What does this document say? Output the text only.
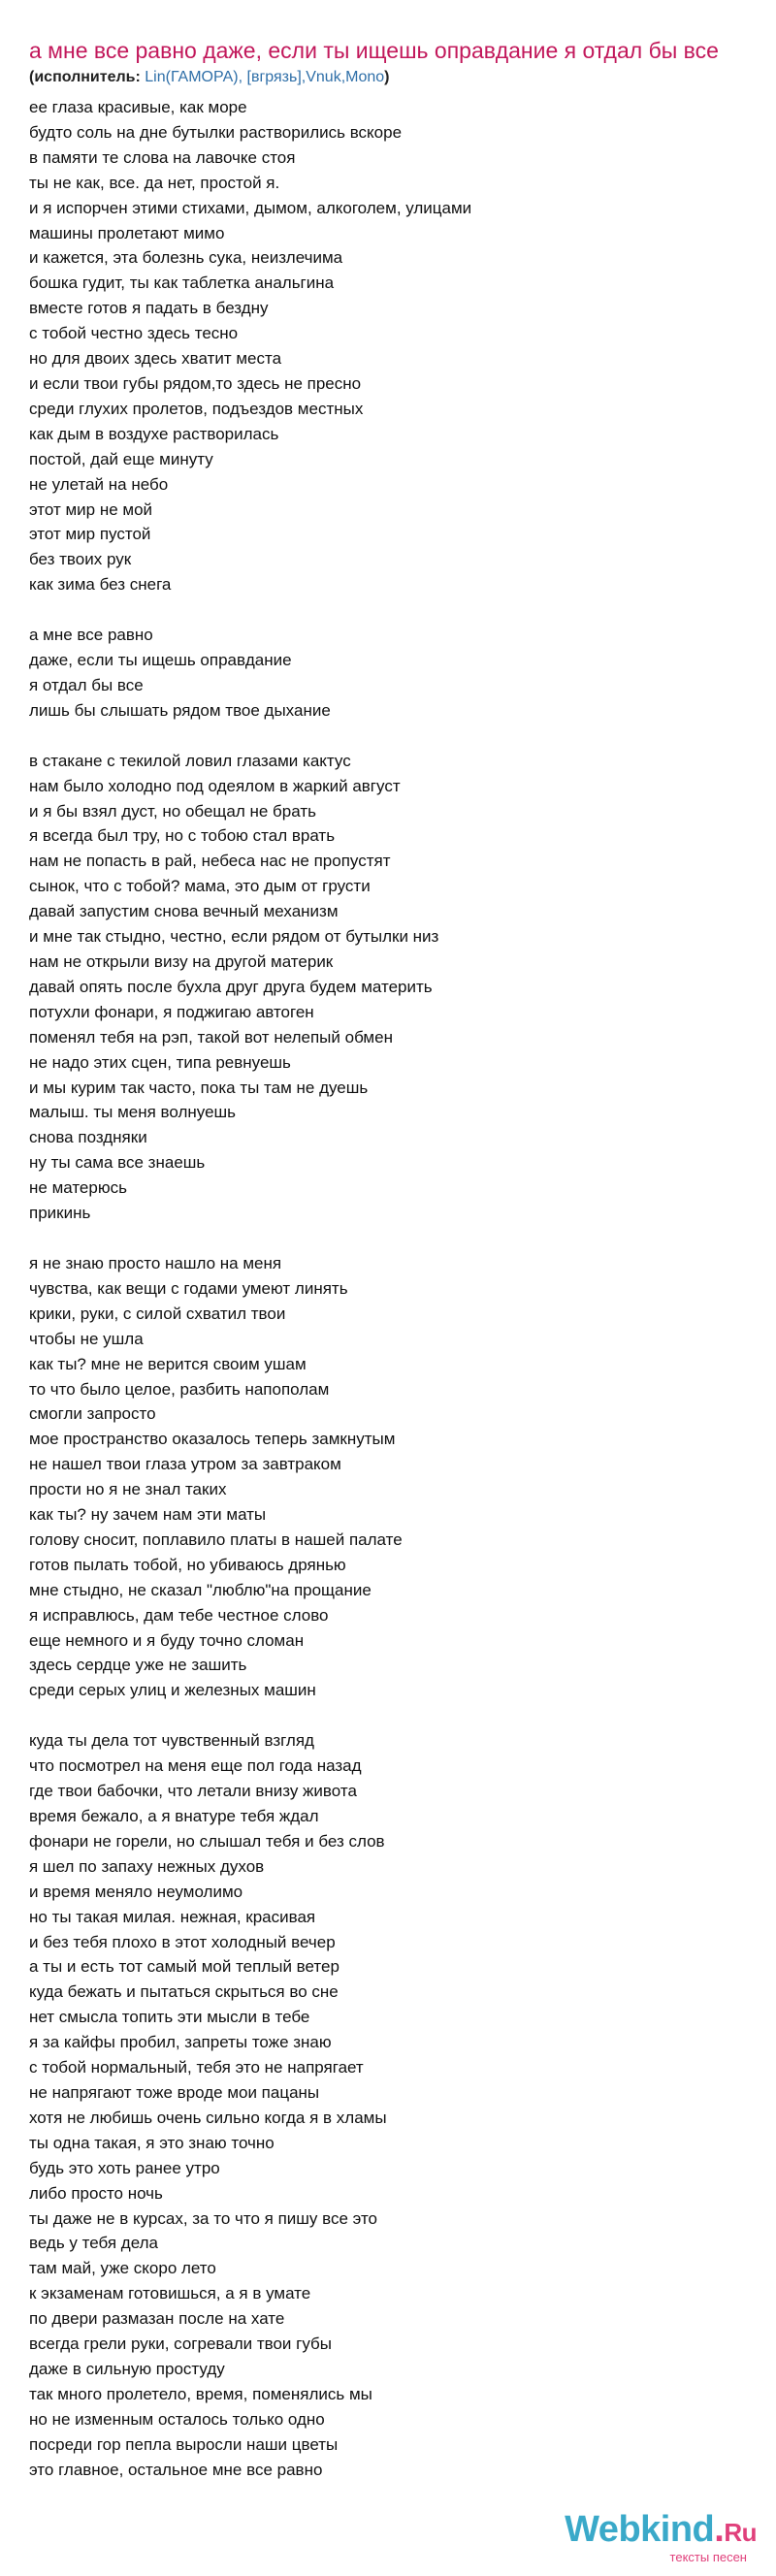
а мне все равно даже, если ты ищешь оправдание я отдал бы все
(исполнитель: Lin(ГАМОРА), [вгрязь],Vnuk,Mono)
ее глаза красивые, как море
будто соль на дне бутылки растворились вскоре
в памяти те слова на лавочке стоя
ты не как, все. да нет, простой я.
и я испорчен этими стихами, дымом, алкоголем, улицами
машины пролетают мимо
и кажется, эта болезнь сука, неизлечима
бошка гудит, ты как таблетка анальгина
вместе готов я падать в бездну
с тобой честно здесь тесно
но для двоих здесь хватит места
и если твои губы рядом,то здесь не пресно
среди глухих пролетов, подъездов местных
как дым в воздухе растворилась
постой, дай еще минуту
не улетай на небо
этот мир не мой
этот мир пустой
без твоих рук
как зима без снега
а мне все равно
даже, если ты ищешь оправдание
я отдал бы все
лишь бы слышать рядом твое дыхание
в стакане с текилой ловил глазами кактус
нам было холодно под одеялом в жаркий август
и я бы взял дуст, но обещал не брать
я всегда был тру, но с тобою стал врать
нам не попасть в рай, небеса нас не пропустят
сынок, что с тобой? мама, это дым от грусти
давай запустим снова вечный механизм
и мне так стыдно, честно, если рядом от бутылки низ
нам не открыли визу на другой материк
давай опять после бухла друг друга будем материть
потухли фонари, я поджигаю автоген
поменял тебя на рэп, такой вот нелепый обмен
не надо этих сцен, типа ревнуешь
и мы курим так часто, пока ты там не дуешь
малыш. ты меня волнуешь
снова поздняки
ну ты сама все знаешь
не матерюсь
прикинь
я не знаю просто нашло на меня
чувства, как вещи с годами умеют линять
крики, руки, с силой схватил твои
чтобы не ушла
как ты? мне не верится своим ушам
то что было целое, разбить напополам
смогли запросто
мое пространство оказалось теперь замкнутым
не нашел твои глаза утром за завтраком
прости но я не знал таких
как ты? ну зачем нам эти маты
голову сносит, поплавило платы в нашей палате
готов пылать тобой, но убиваюсь дрянью
мне стыдно, не сказал "люблю"на прощание
я исправлюсь, дам тебе честное слово
еще немного и я буду точно сломан
здесь сердце уже не зашить
среди серых улиц и железных машин
куда ты дела тот чувственный взгляд
что посмотрел на меня еще пол года назад
где твои бабочки, что летали внизу живота
время бежало, а я внатуре тебя ждал
фонари не горели, но слышал тебя и без слов
я шел по запаху нежных духов
и время меняло неумолимо
но ты такая милая. нежная, красивая
и без тебя плохо в этот холодный вечер
а ты и есть тот самый мой теплый ветер
куда бежать и пытаться скрыться во сне
нет смысла топить эти мысли в тебе
я за кайфы пробил, запреты тоже знаю
с тобой нормальный, тебя это не напрягает
не напрягают тоже вроде мои пацаны
хотя не любишь очень сильно когда я в хламы
ты одна такая, я это знаю точно
будь это хоть ранее утро
либо просто ночь
ты даже не в курсах, за то что я пишу все это
ведь у тебя дела
там май, уже скоро лето
к экзаменам готовишься, а я в умате
по двери размазан после на хате
всегда грели руки, согревали твои губы
даже в сильную простуду
так много пролетело, время, поменялись мы
но не изменным осталось только одно
посреди гор пепла выросли наши цветы
это главное, остальное мне все равно
Webkind.Ru
тексты песен
